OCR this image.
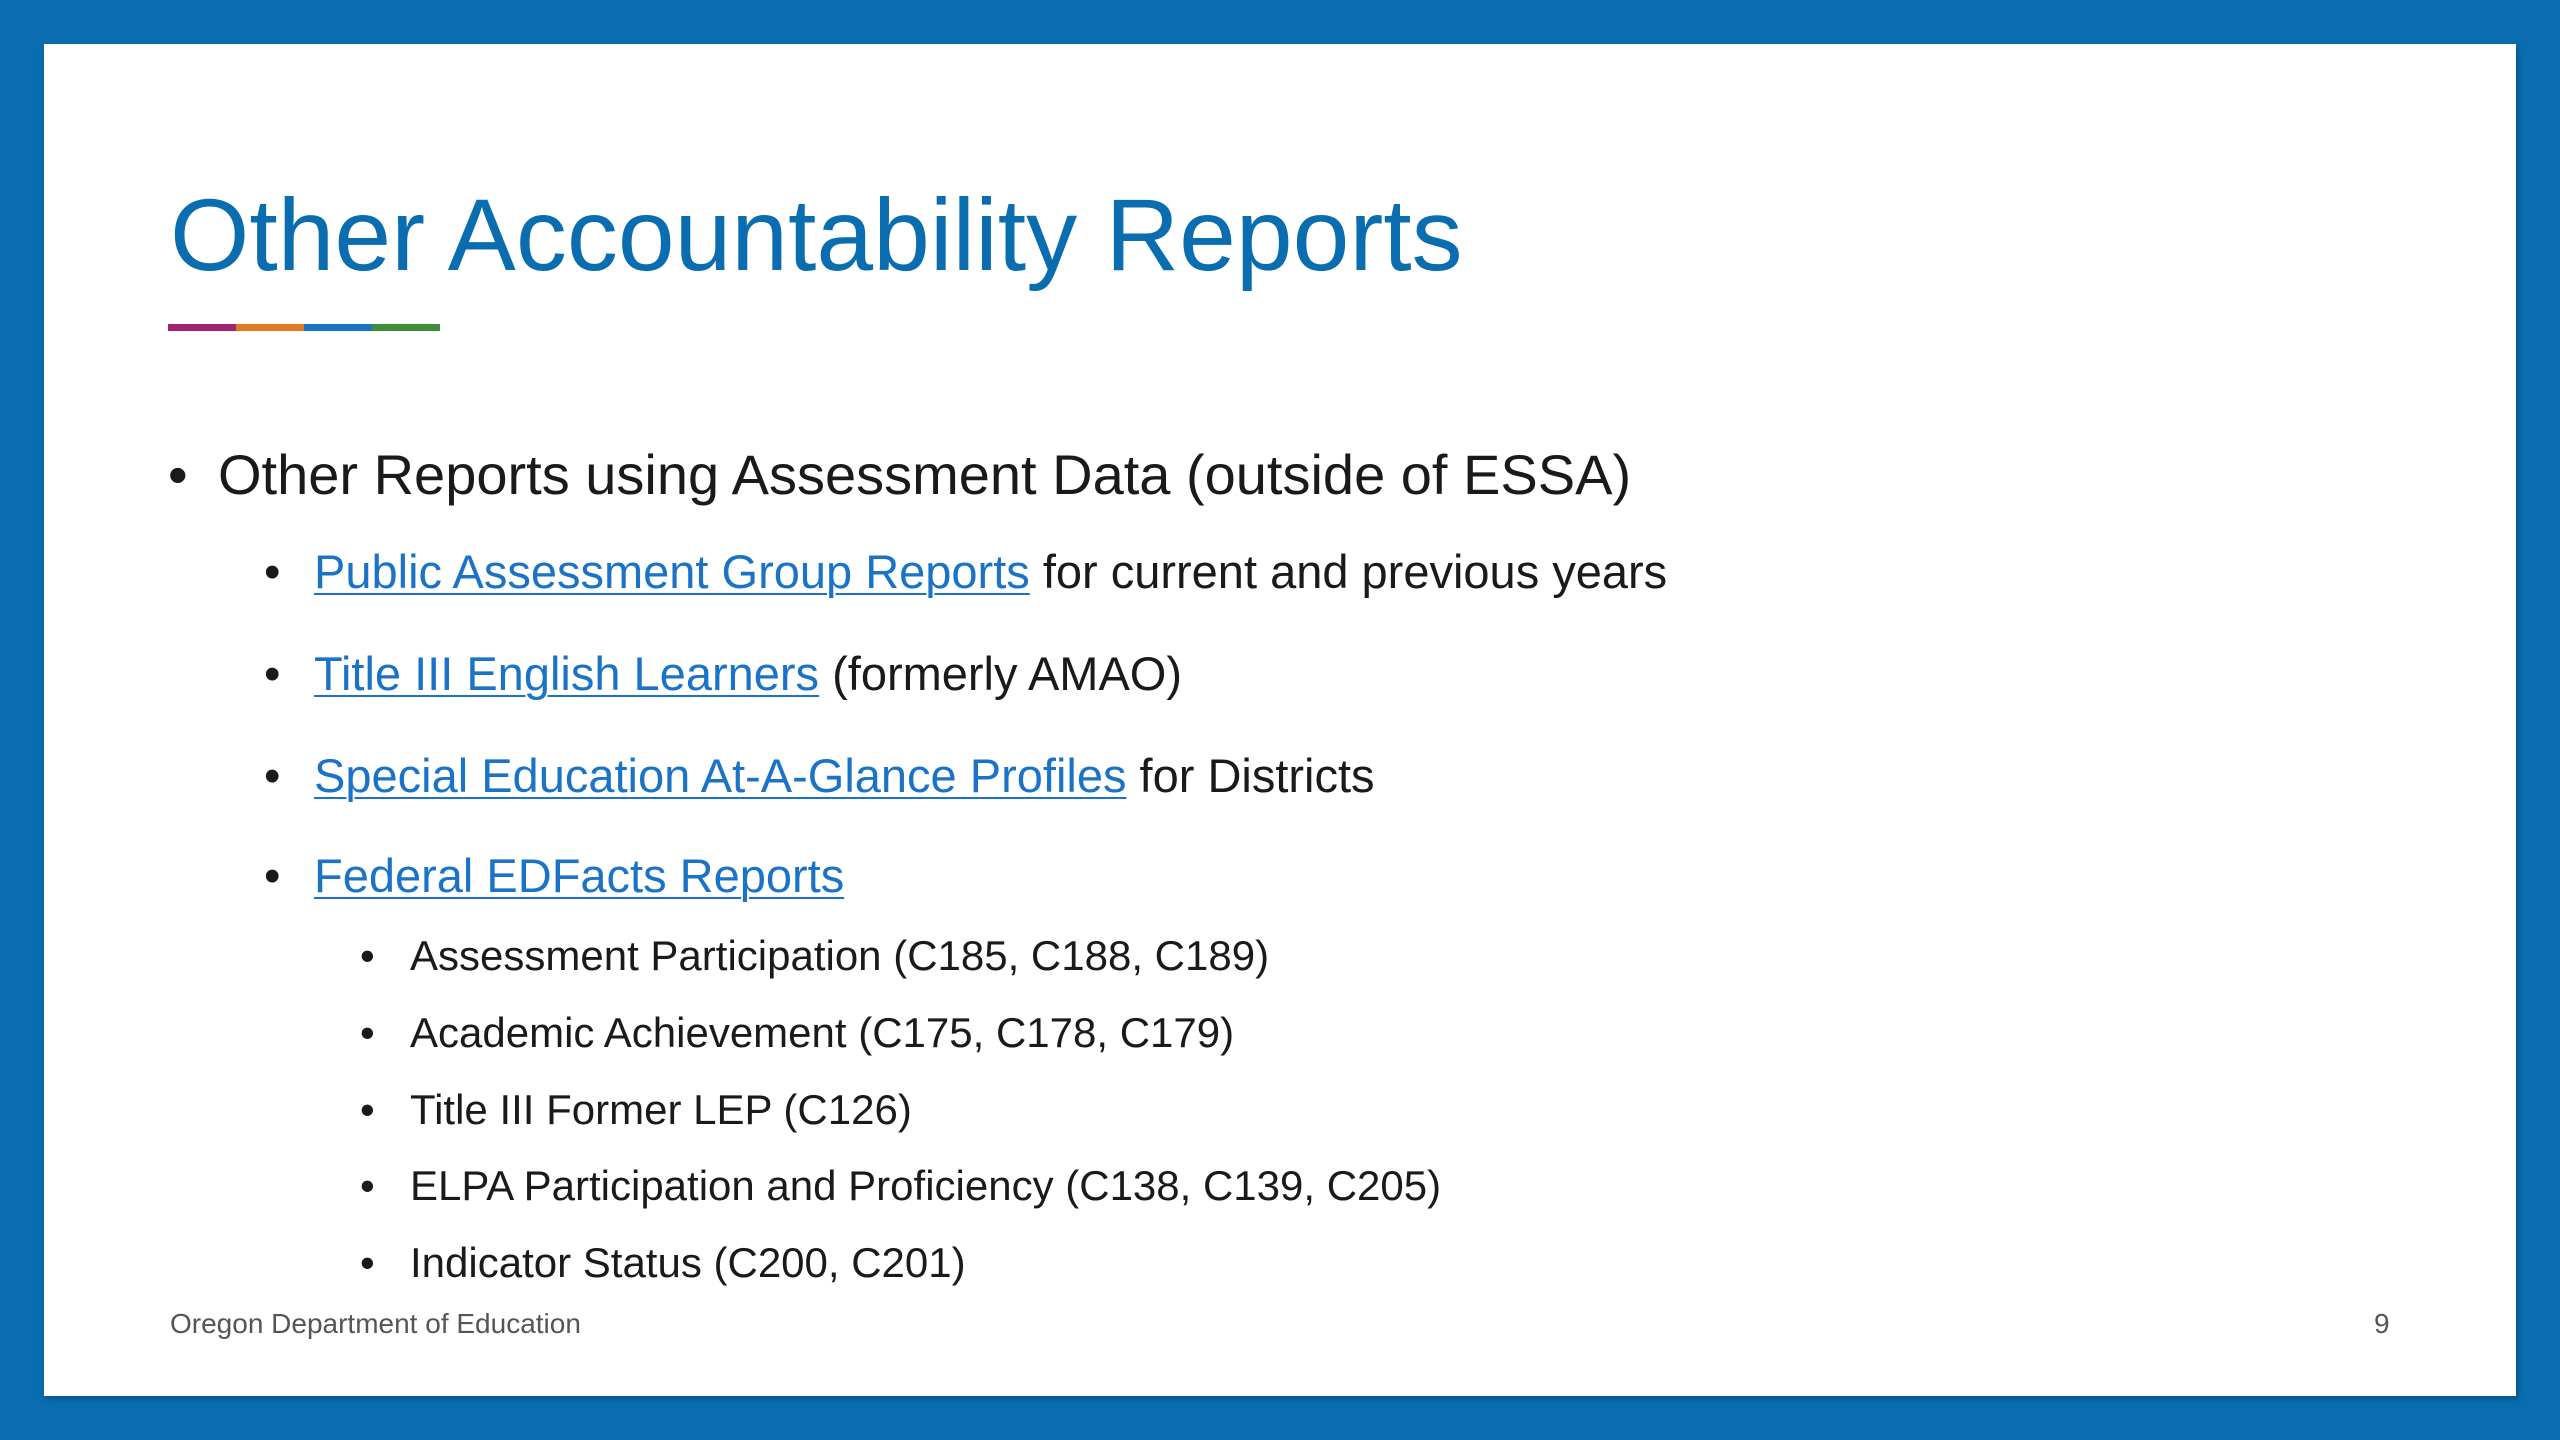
Other Accountability Reports
• Other Reports using Assessment Data (outside of ESSA)
• Public Assessment Group Reports for current and previous years
• Title III English Learners (formerly AMAO)
• Special Education At-A-Glance Profiles for Districts
• Federal EDFacts Reports
• Assessment Participation (C185, C188, C189)
• Academic Achievement (C175, C178, C179)
• Title III Former LEP (C126)
• ELPA Participation and Proficiency (C138, C139, C205)
• Indicator Status (C200, C201)
Oregon Department of Education	9
